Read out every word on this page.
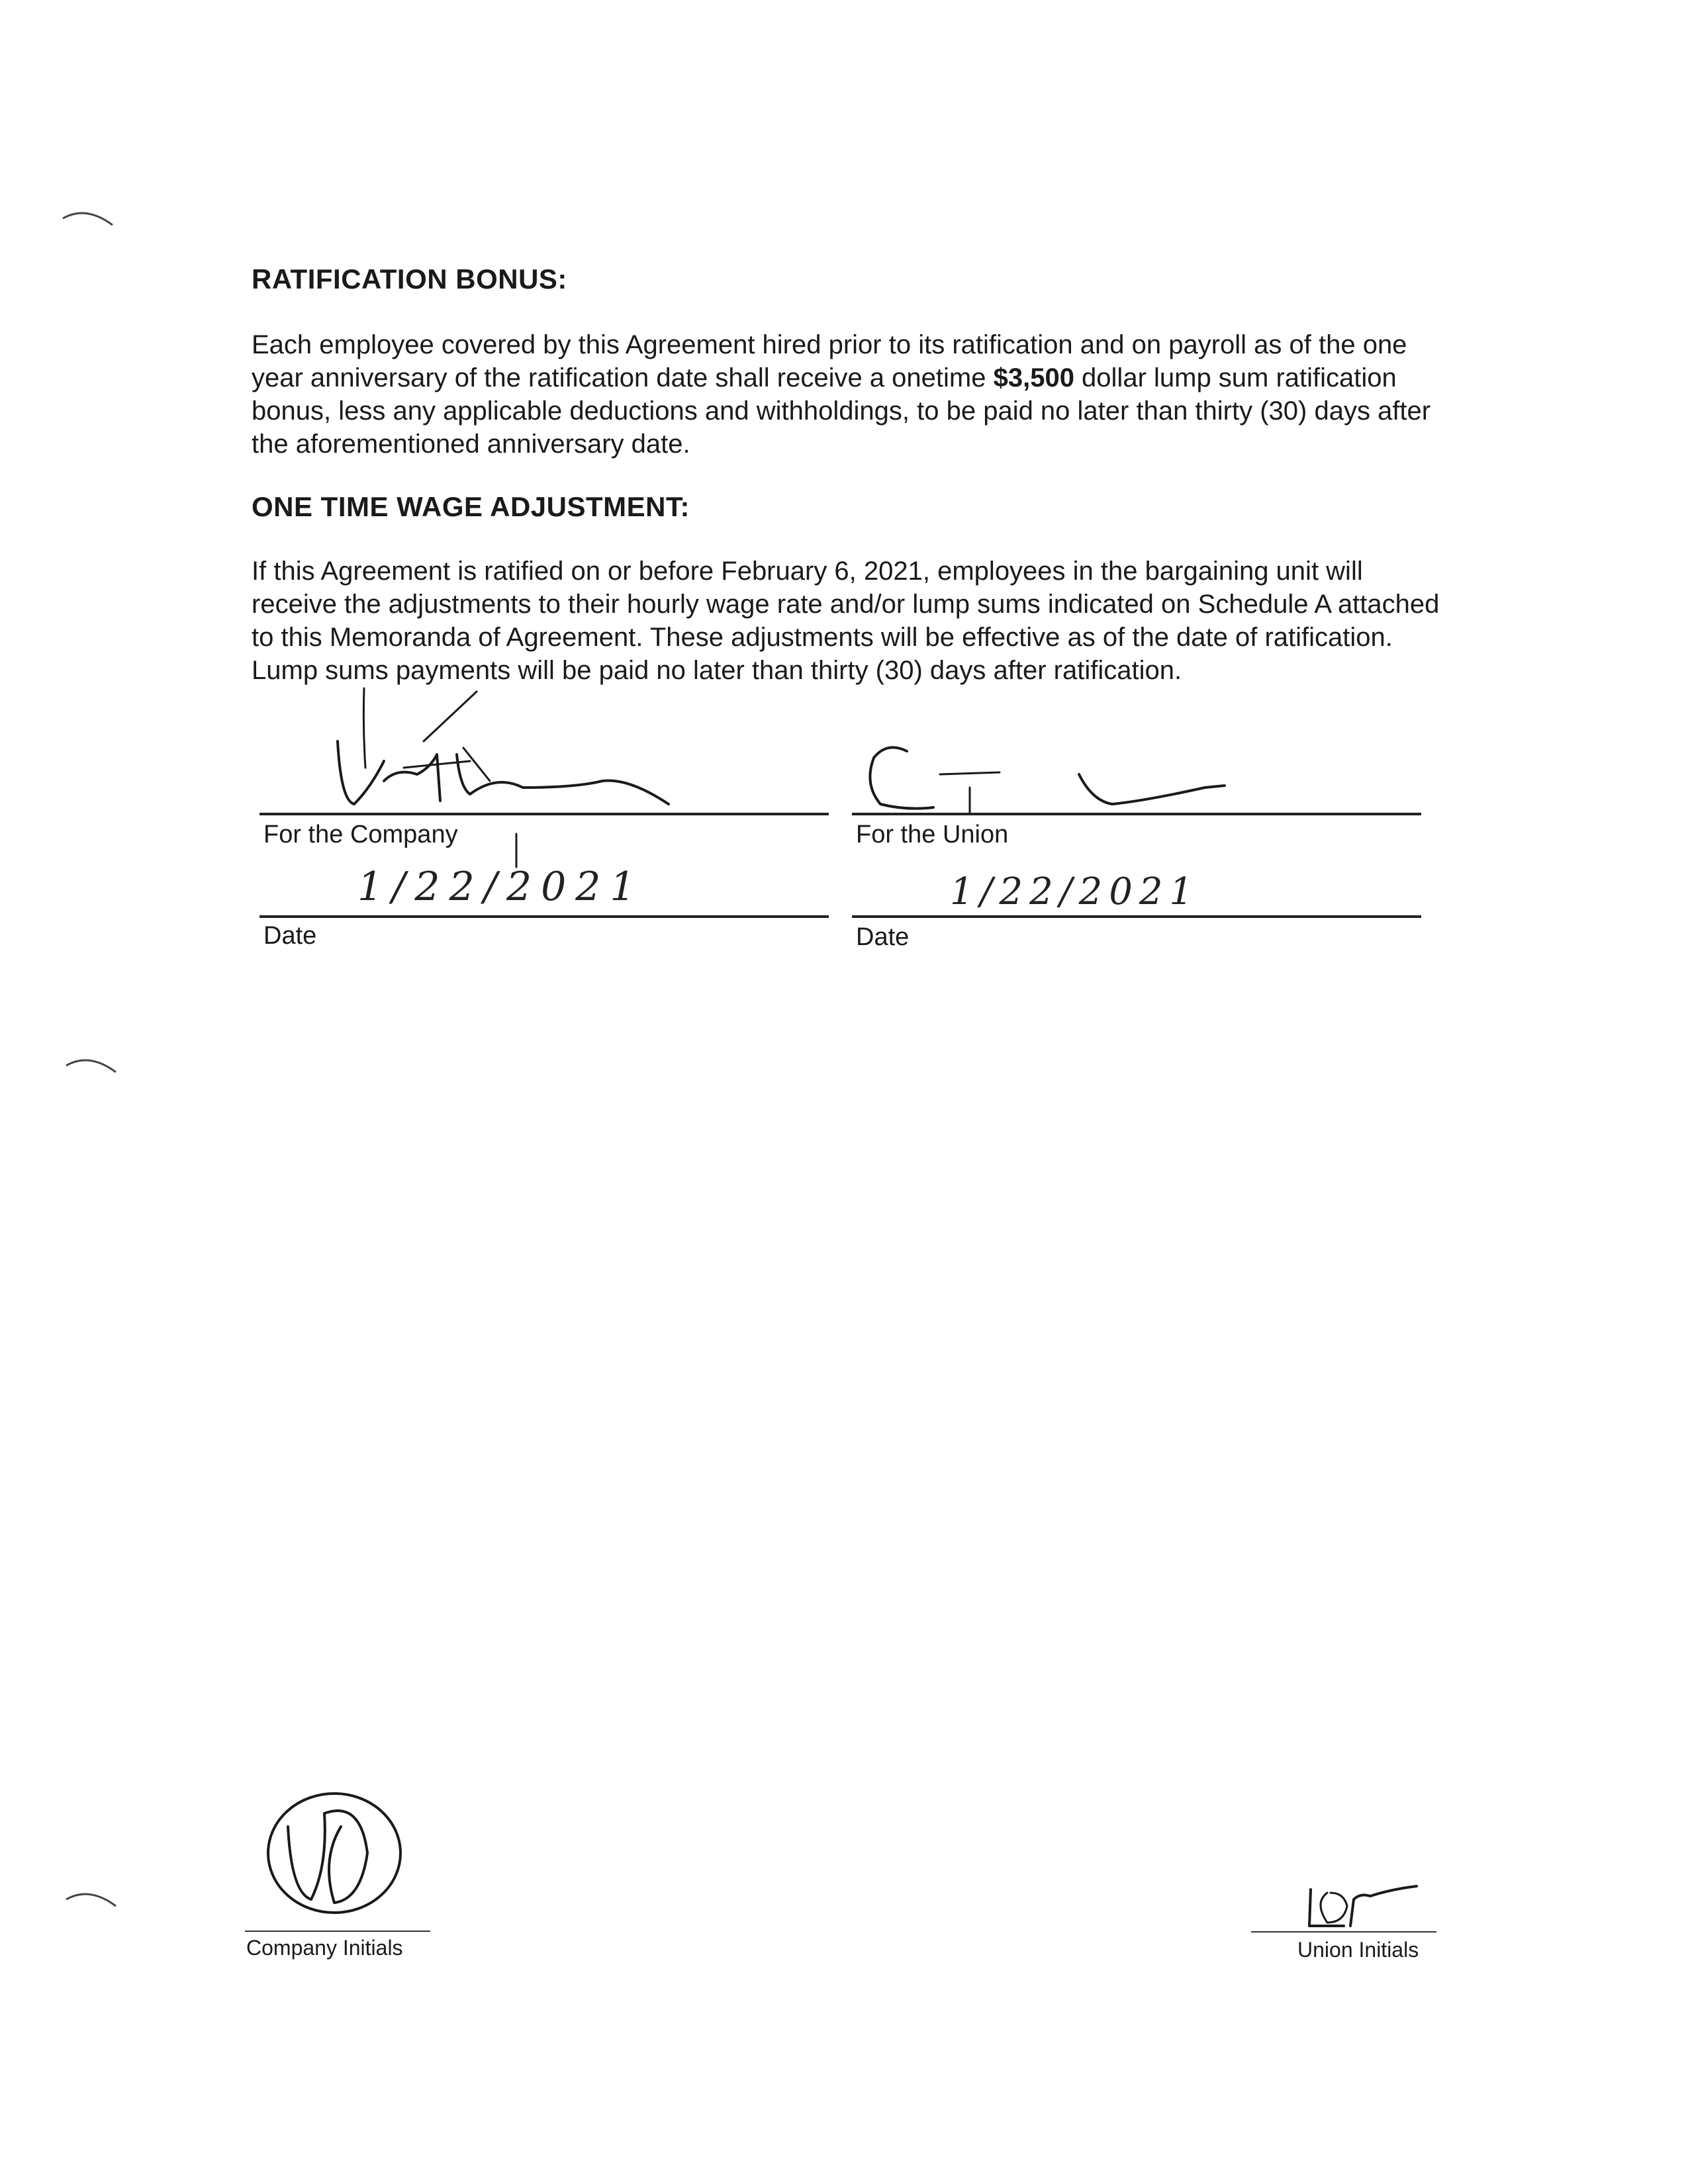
RATIFICATION BONUS:

Each employee covered by this Agreement hired prior to its ratification and on payroll as of the one year anniversary of the ratification date shall receive a onetime $3,500 dollar lump sum ratification bonus, less any applicable deductions and withholdings, to be paid no later than thirty (30) days after the aforementioned anniversary date.

ONE TIME WAGE ADJUSTMENT:

If this Agreement is ratified on or before February 6, 2021, employees in the bargaining unit will receive the adjustments to their hourly wage rate and/or lump sums indicated on Schedule A attached to this Memoranda of Agreement. These adjustments will be effective as of the date of ratification. Lump sums payments will be paid no later than thirty (30) days after ratification.

For the Company	For the Union
1/22/2021	1/22/2021
Date	Date
Company Initials	Union Initials
